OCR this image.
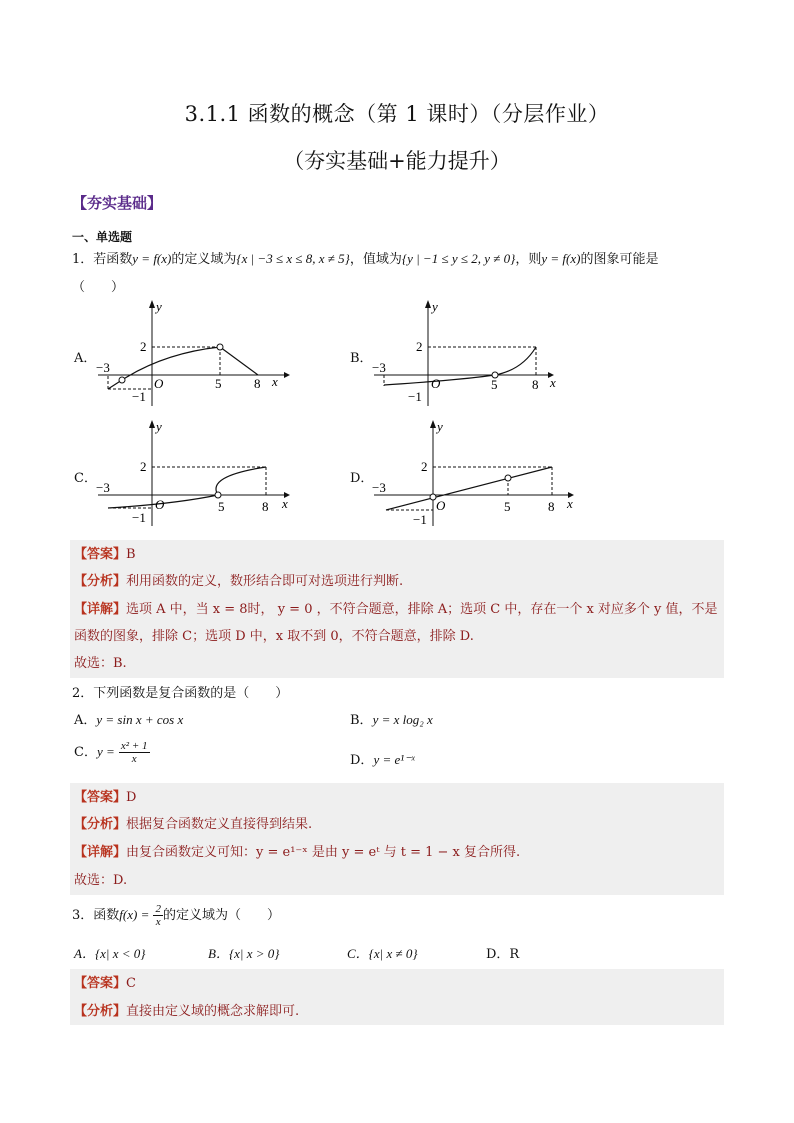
3.1.1 函数的概念（第 1 课时）（分层作业）
（夯实基础+能力提升）
【夯实基础】
一、单选题
1．若函数y = f(x)的定义域为{x | −3 ≤ x ≤ 8, x ≠ 5}，值域为{y | −1 ≤ y ≤ 2, y ≠ 0}，则y = f(x)的图象可能是
（　　）
A．	B．
C．	D．
y
x
O
−3
−1
2
5	8
y
x
O
−3
−1
2
5	8
y
x
O
−3
−1
2
5	8
y
x
O
−3
−1
2
5	8
【答案】B
【分析】利用函数的定义，数形结合即可对选项进行判断.
【详解】选项 A 中，当 x = 8时， y = 0 ，不符合题意，排除 A；选项 C 中，存在一个 x 对应多个 y 值，不是
函数的图象，排除 C；选项 D 中，x 取不到 0，不符合题意，排除 D.
故选：B.
2．下列函数是复合函数的是（　　）
A．y = sin x + cos x	B．y = x log₂ x
C．$y = \frac{\text{x² + 1}}{x}$	D．y = e¹⁻ˣ
【答案】D
【分析】根据复合函数定义直接得到结果.
【详解】由复合函数定义可知：y = e¹⁻ˣ 是由 y = eᵗ 与 t = 1 − x 复合所得.
故选：D.
3．函数$f(x) = \frac{2}{x}$ 的定义域为（　　）
A．{x| x < 0}	B．{x| x > 0}	C．{x| x ≠ 0}	D．R
【答案】C
【分析】直接由定义域的概念求解即可.
